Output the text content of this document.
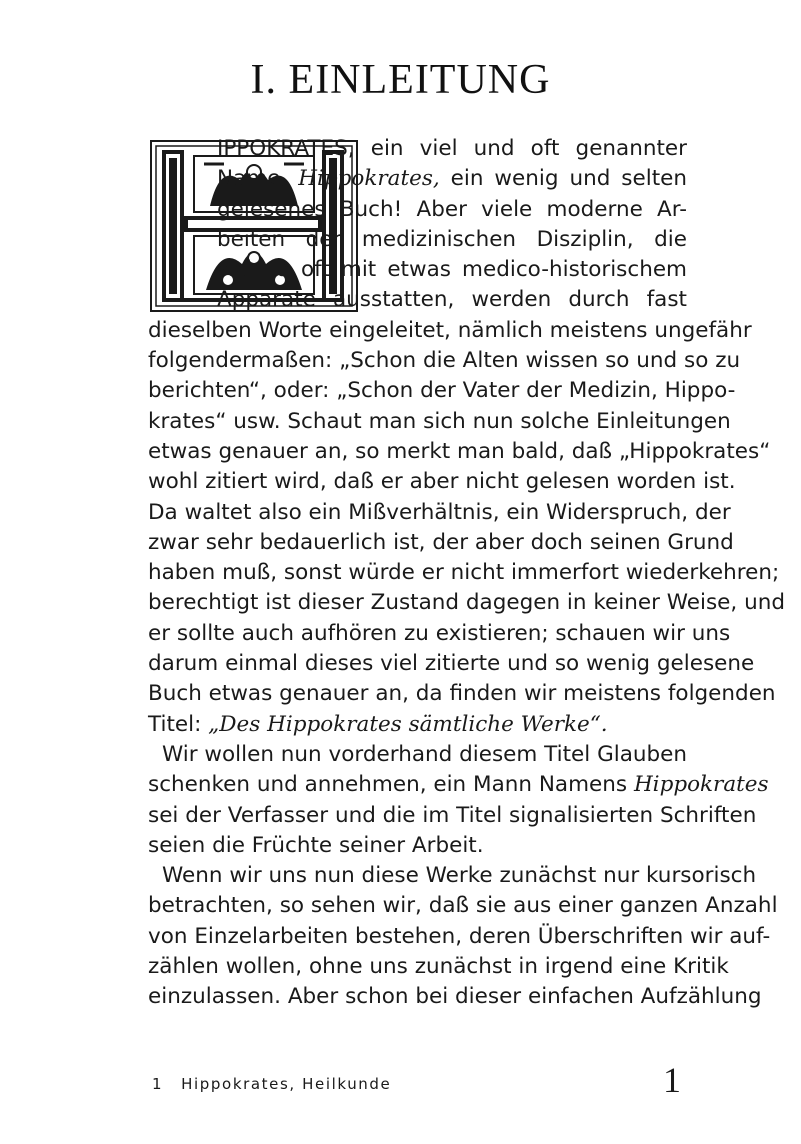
I. EINLEITUNG
IPPOKRATES, ein viel und oft genannter
Name, Hippokrates, ein wenig und selten
gelesenes Buch! Aber viele moderne Ar-
beiten der medizinischen Disziplin, die
sich ja oft mit etwas medico-historischem
Apparate ausstatten, werden durch fast
dieselben Worte eingeleitet, nämlich meistens ungefähr
folgendermaßen: „Schon die Alten wissen so und so zu
berichten“, oder: „Schon der Vater der Medizin, Hippo-
krates“ usw. Schaut man sich nun solche Einleitungen
etwas genauer an, so merkt man bald, daß „Hippokrates“
wohl zitiert wird, daß er aber nicht gelesen worden ist.
Da waltet also ein Mißverhältnis, ein Widerspruch, der
zwar sehr bedauerlich ist, der aber doch seinen Grund
haben muß, sonst würde er nicht immerfort wiederkehren;
berechtigt ist dieser Zustand dagegen in keiner Weise, und
er sollte auch aufhören zu existieren; schauen wir uns
darum einmal dieses viel zitierte und so wenig gelesene
Buch etwas genauer an, da finden wir meistens folgenden
Titel: „Des Hippokrates sämtliche Werke“.
Wir wollen nun vorderhand diesem Titel Glauben
schenken und annehmen, ein Mann Namens Hippokrates
sei der Verfasser und die im Titel signalisierten Schriften
seien die Früchte seiner Arbeit.
Wenn wir uns nun diese Werke zunächst nur kursorisch
betrachten, so sehen wir, daß sie aus einer ganzen Anzahl
von Einzelarbeiten bestehen, deren Überschriften wir auf-
zählen wollen, ohne uns zunächst in irgend eine Kritik
einzulassen. Aber schon bei dieser einfachen Aufzählung
1 Hippokrates, Heilkunde	1
